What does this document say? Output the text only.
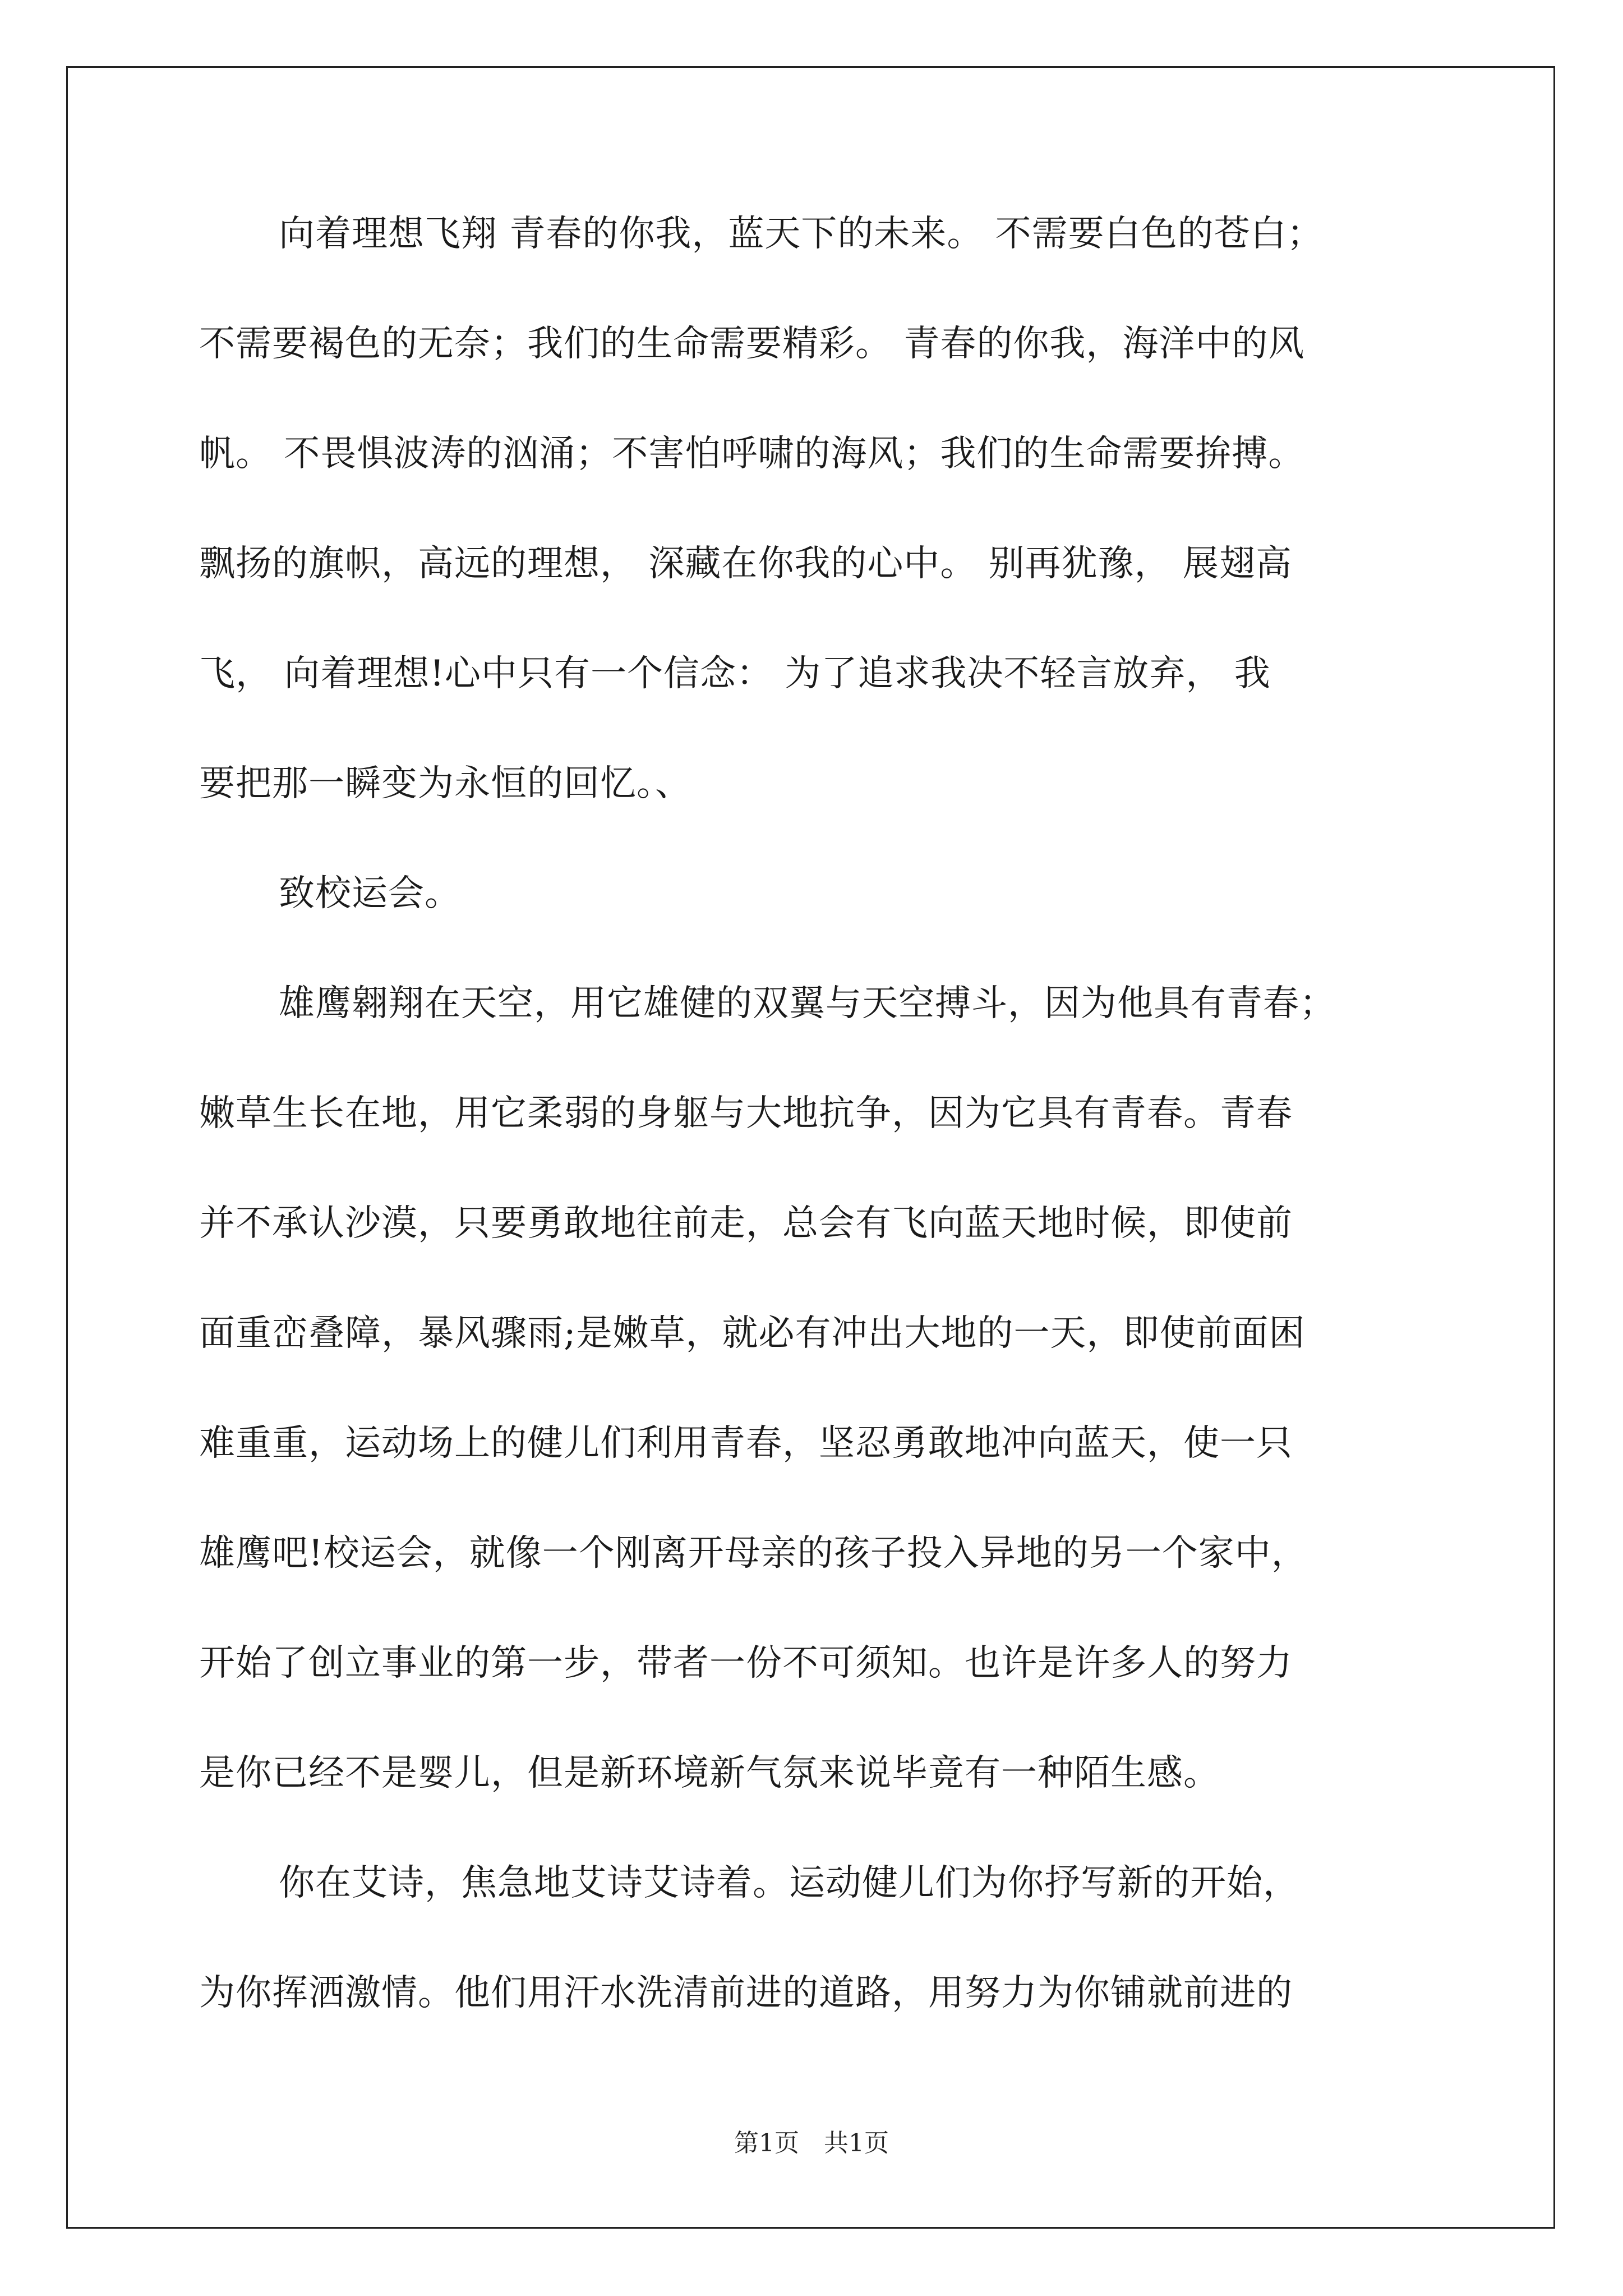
向着理想飞翔 青春的你我，蓝天下的未来。 不需要白色的苍白；
不需要褐色的无奈；我们的生命需要精彩。 青春的你我，海洋中的风
帆。 不畏惧波涛的汹涌；不害怕呼啸的海风；我们的生命需要拚搏。
飘扬的旗帜，高远的理想， 深藏在你我的心中。 别再犹豫， 展翅高
飞， 向着理想!心中只有一个信念： 为了追求我决不轻言放弃， 我
要把那一瞬变为永恒的回忆。、
致校运会。
雄鹰翱翔在天空，用它雄健的双翼与天空搏斗，因为他具有青春；
嫩草生长在地，用它柔弱的身躯与大地抗争，因为它具有青春。青春
并不承认沙漠，只要勇敢地往前走，总会有飞向蓝天地时候，即使前
面重峦叠障，暴风骤雨;是嫩草，就必有冲出大地的一天，即使前面困
难重重，运动场上的健儿们利用青春，坚忍勇敢地冲向蓝天，使一只
雄鹰吧!校运会，就像一个刚离开母亲的孩子投入异地的另一个家中，
开始了创立事业的第一步，带者一份不可须知。也许是许多人的努力
是你已经不是婴儿，但是新环境新气氛来说毕竟有一种陌生感。
你在艾诗，焦急地艾诗艾诗着。运动健儿们为你抒写新的开始，
为你挥洒激情。他们用汗水洗清前进的道路，用努力为你铺就前进的
第1页　共1页
